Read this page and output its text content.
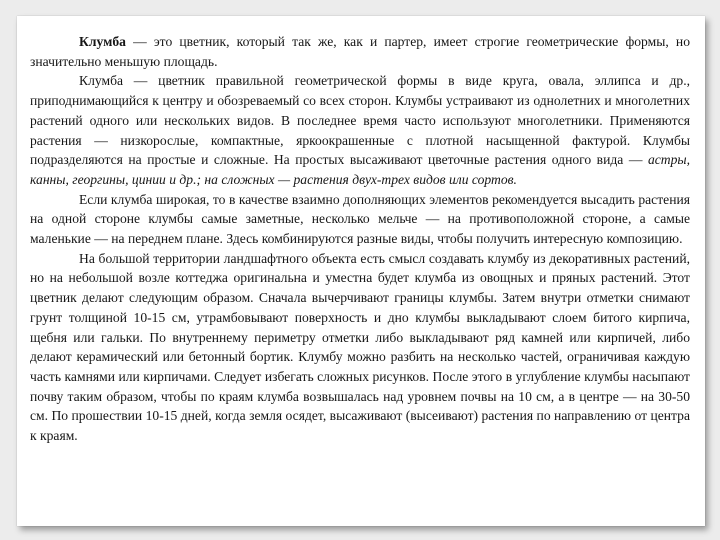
Клумба — это цветник, который так же, как и партер, имеет строгие геометрические формы, но значительно меньшую площадь.

Клумба — цветник правильной геометрической формы в виде круга, овала, эллипса и др., приподнимающийся к центру и обозреваемый со всех сторон. Клумбы устраивают из однолетних и многолетних растений одного или нескольких видов. В последнее время часто используют многолетники. Применяются растения — низкорослые, компактные, яркоокрашенные с плотной насыщенной фактурой. Клумбы подразделяются на простые и сложные. На простых высаживают цветочные растения одного вида — астры, канны, георгины, цинии и др.; на сложных — растения двух-трех видов или сортов.

Если клумба широкая, то в качестве взаимно дополняющих элементов рекомендуется высадить растения на одной стороне клумбы самые заметные, несколько мельче — на противоположной стороне, а самые маленькие — на переднем плане. Здесь комбинируются разные виды, чтобы получить интересную композицию.

На большой территории ландшафтного объекта есть смысл создавать клумбу из декоративных растений, но на небольшой возле коттеджа оригинальна и уместна будет клумба из овощных и пряных растений. Этот цветник делают следующим образом. Сначала вычерчивают границы клумбы. Затем внутри отметки снимают грунт толщиной 10-15 см, утрамбовывают поверхность и дно клумбы выкладывают слоем битого кирпича, щебня или гальки. По внутреннему периметру отметки либо выкладывают ряд камней или кирпичей, либо делают керамический или бетонный бортик. Клумбу можно разбить на несколько частей, ограничивая каждую часть камнями или кирпичами. Следует избегать сложных рисунков. После этого в углубление клумбы насыпают почву таким образом, чтобы по краям клумба возвышалась над уровнем почвы на 10 см, а в центре — на 30-50 см. По прошествии 10-15 дней, когда земля осядет, высаживают (высеивают) растения по направлению от центра к краям.
